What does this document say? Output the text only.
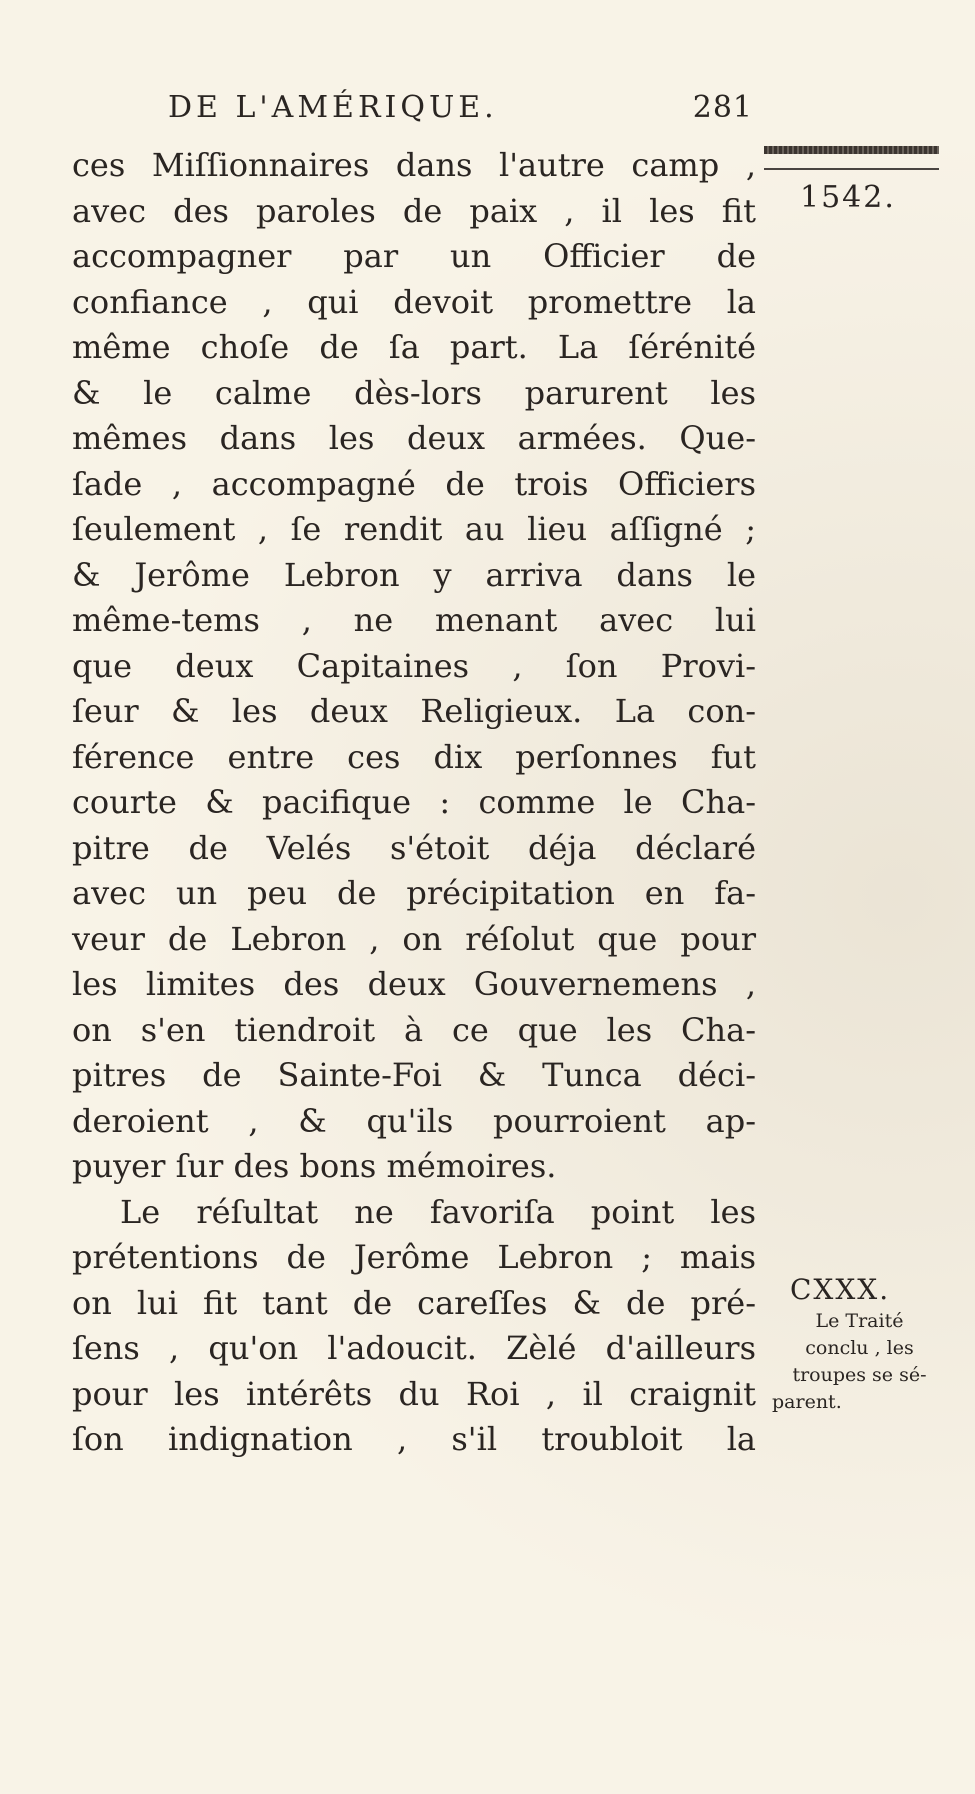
DE L'AMÉRIQUE.	281
1542.
ces Miſſionnaires dans l'autre camp ,
avec des paroles de paix , il les fit
accompagner par un Officier de
confiance , qui devoit promettre la
même choſe de ſa part. La ſérénité
& le calme dès-lors parurent les
mêmes dans les deux armées. Que-
ſade , accompagné de trois Officiers
ſeulement , ſe rendit au lieu aſſigné ;
& Jerôme Lebron y arriva dans le
même-tems , ne menant avec lui
que deux Capitaines , ſon Provi-
ſeur & les deux Religieux. La con-
férence entre ces dix perſonnes fut
courte & pacifique : comme le Cha-
pitre de Velés s'étoit déja déclaré
avec un peu de précipitation en fa-
veur de Lebron , on réſolut que pour
les limites des deux Gouvernemens ,
on s'en tiendroit à ce que les Cha-
pitres de Sainte-Foi & Tunca déci-
deroient , & qu'ils pourroient ap-
puyer ſur des bons mémoires.
Le réſultat ne favoriſa point les
prétentions de Jerôme Lebron ; mais
on lui fit tant de careſſes & de pré-
ſens , qu'on l'adoucit. Zèlé d'ailleurs
pour les intérêts du Roi , il craignit
ſon indignation , s'il troubloit la
CXXX.
Le Traité
conclu , les
troupes se sé-
parent.
